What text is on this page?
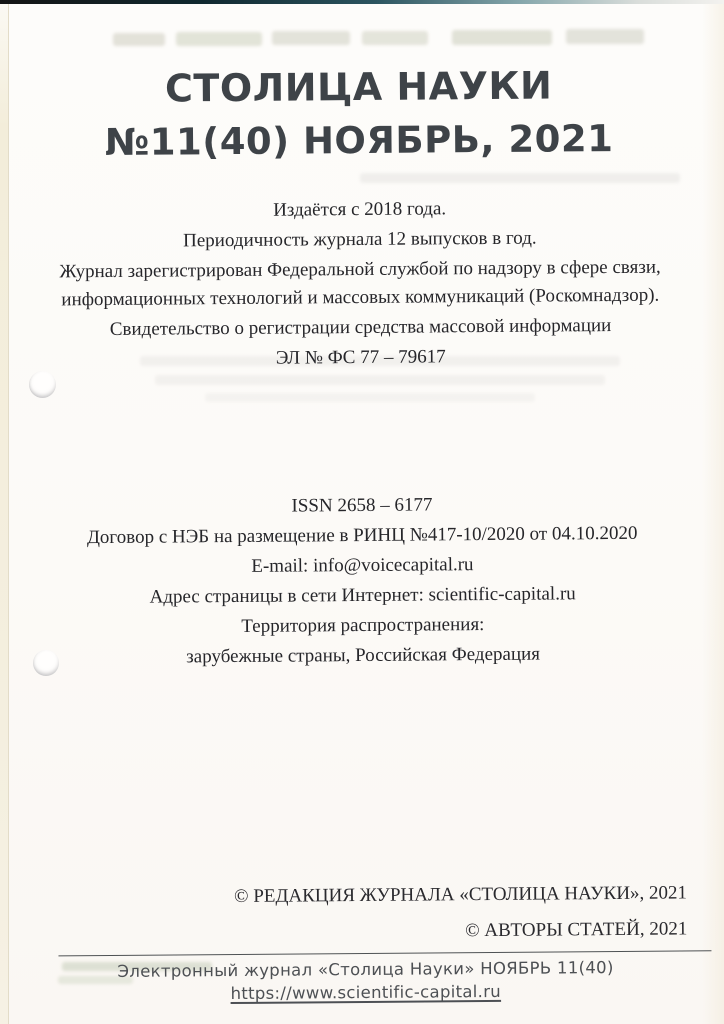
СТОЛИЦА НАУКИ
№11(40) НОЯБРЬ, 2021

Издаётся с 2018 года.

Периодичность журнала 12 выпусков в год.

Журнал зарегистрирован Федеральной службой по надзору в сфере связи, информационных технологий и массовых коммуникаций (Роскомнадзор).

Свидетельство о регистрации средства массовой информации

ЭЛ № ФС 77 – 79617

ISSN 2658 – 6177

Договор с НЭБ на размещение в РИНЦ №417-10/2020 от 04.10.2020

E-mail: info@voicecapital.ru

Адрес страницы в сети Интернет: scientific-capital.ru

Территория распространения:

зарубежные страны, Российская Федерация

© РЕДАКЦИЯ ЖУРНАЛА «СТОЛИЦА НАУКИ», 2021

© АВТОРЫ СТАТЕЙ, 2021

Электронный журнал «Столица Науки» НОЯБРЬ 11(40)
https://www.scientific-capital.ru
